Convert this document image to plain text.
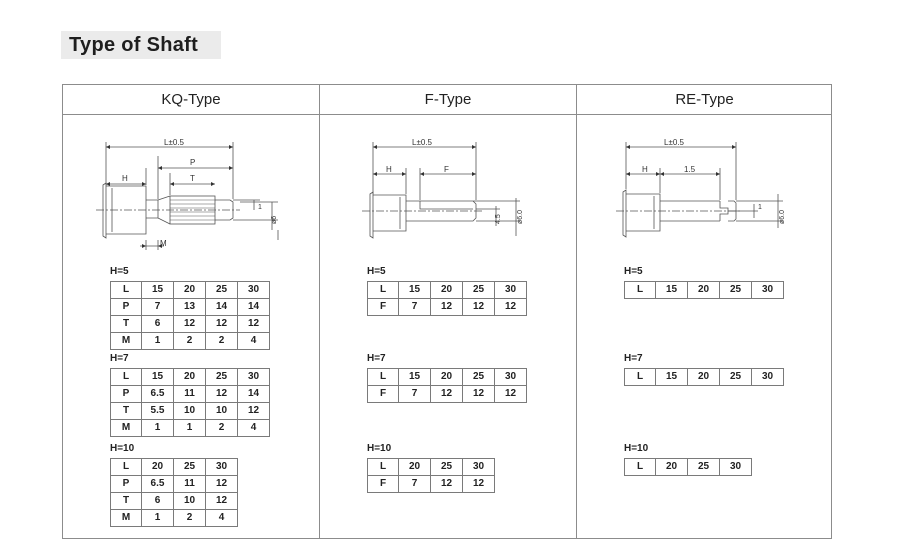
Type of Shaft
KQ-Type	F-Type	RE-Type
L±0.5
P
T
H
M
1
ø6
L±0.5
H	F
4.5 ø6.0
L±0.5
H	1.5
1
ø6.0
H=5
L	15	20	25	30
P	7	13	14	14
T	6	12	12	12
M	1	2	2	4
H=7
L	15	20	25	30
P	6.5	11	12	14
T	5.5	10	10	12
M	1	1	2	4
H=10
L	20	25	30
P	6.5	11	12
T	6	10	12
M	1	2	4
H=5
L	15	20	25	30
F	7	12	12	12
H=7
L	15	20	25	30
F	7	12	12	12
H=10
L	20	25	30
F	7	12	12
H=5
L	15	20	25	30
H=7
L	15	20	25	30
H=10
L	20	25	30
